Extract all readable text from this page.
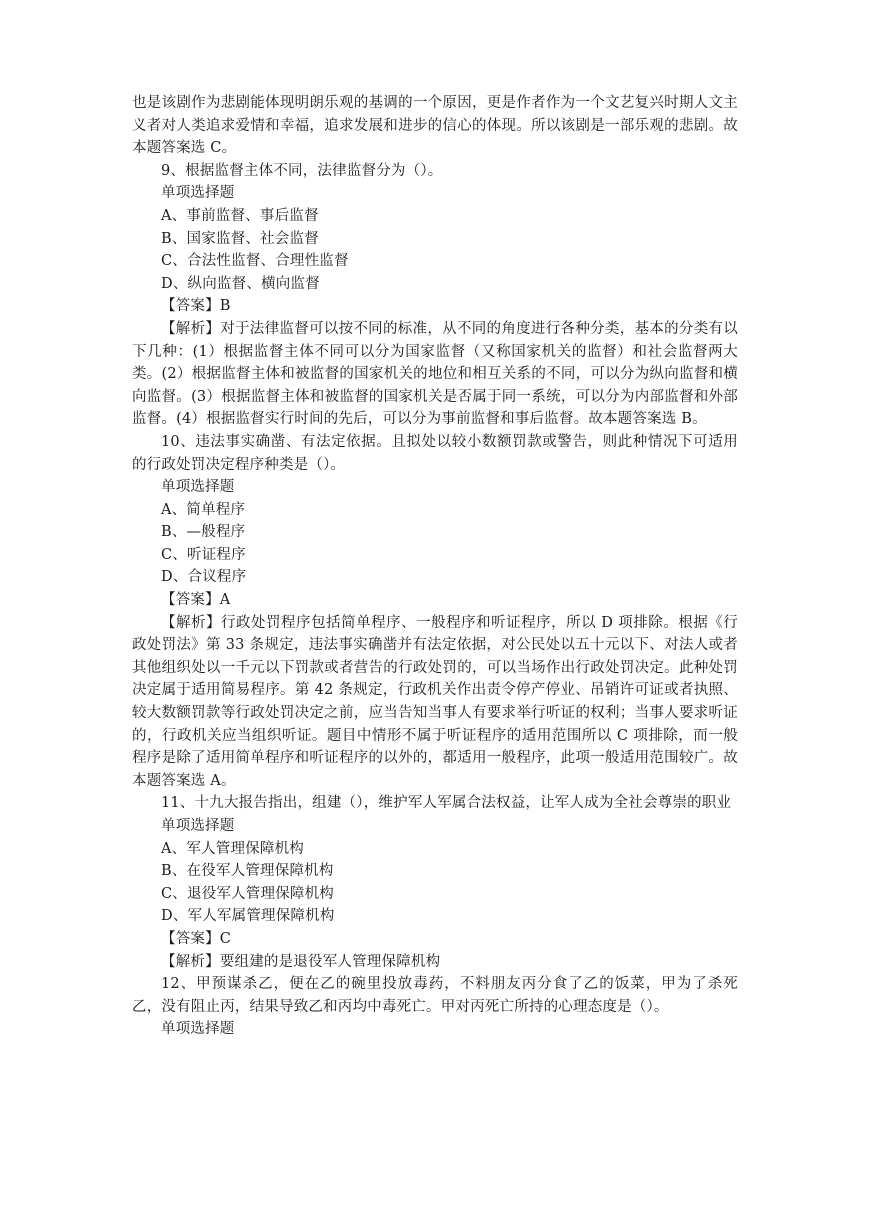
也是该剧作为悲剧能体现明朗乐观的基调的一个原因，更是作者作为一个文艺复兴时期人文主义者对人类追求爱情和幸福，追求发展和进步的信心的体现。所以该剧是一部乐观的悲剧。故本题答案选 C。

9、根据监督主体不同，法律监督分为（）。

单项选择题

A、事前监督、事后监督

B、国家监督、社会监督

C、合法性监督、合理性监督

D、纵向监督、横向监督

【答案】B

【解析】对于法律监督可以按不同的标准，从不同的角度进行各种分类，基本的分类有以下几种：(1）根据监督主体不同可以分为国家监督（又称国家机关的监督）和社会监督两大类。(2）根据监督主体和被监督的国家机关的地位和相互关系的不同，可以分为纵向监督和横向监督。(3）根据监督主体和被监督的国家机关是否属于同一系统，可以分为内部监督和外部监督。(4）根据监督实行时间的先后，可以分为事前监督和事后监督。故本题答案选 B。

10、违法事实确凿、有法定依据。且拟处以较小数额罚款或警告，则此种情况下可适用的行政处罚决定程序种类是（）。

单项选择题

A、简单程序

B、—般程序

C、听证程序

D、合议程序

【答案】A

【解析】行政处罚程序包括简单程序、一般程序和听证程序，所以 D 项排除。根据《行政处罚法》第 33 条规定，违法事实确凿并有法定依据，对公民处以五十元以下、对法人或者其他组织处以一千元以下罚款或者营告的行政处罚的，可以当场作出行政处罚决定。此种处罚决定属于适用简易程序。第 42 条规定，行政机关作出责令停产停业、吊销许可证或者执照、较大数额罚款等行政处罚决定之前，应当告知当事人有要求举行听证的权利；当事人要求听证的，行政机关应当组织听证。题目中情形不属于听证程序的适用范围所以 C 项排除，而一般程序是除了适用简单程序和听证程序的以外的，都适用一般程序，此项一般适用范围较广。故本题答案选 A。

11、十九大报告指出，组建（），维护军人军属合法权益，让军人成为全社会尊崇的职业

单项选择题

A、军人管理保障机构

B、在役军人管理保障机构

C、退役军人管理保障机构

D、军人军属管理保障机构

【答案】C

【解析】要组建的是退役军人管理保障机构

12、甲预谋杀乙，便在乙的碗里投放毒药，不料朋友丙分食了乙的饭菜，甲为了杀死乙，没有阻止丙，结果导致乙和丙均中毒死亡。甲对丙死亡所持的心理态度是（）。

单项选择题
